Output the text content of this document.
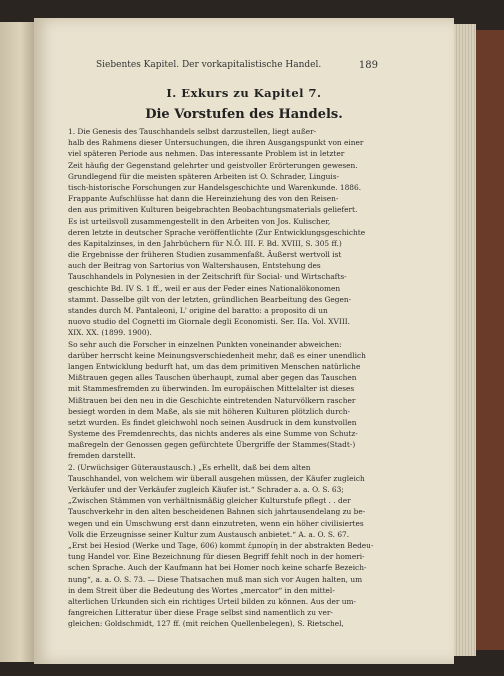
Siebentes Kapitel. Der vorkapitalistische Handel.	189
I. Exkurs zu Kapitel 7.
Die Vorstufen des Handels.
1. Die Genesis des Tauschhandels selbst darzustellen, liegt außer-
halb des Rahmens dieser Untersuchungen, die ihren Ausgangspunkt von einer
viel späteren Periode aus nehmen. Das interessante Problem ist in letzter
Zeit häufig der Gegenstand gelehrter und geistvoller Erörterungen gewesen.
Grundlegend für die meisten späteren Arbeiten ist O. Schrader, Linguis-
tisch-historische Forschungen zur Handelsgeschichte und Warenkunde. 1886.
Frappante Aufschlüsse hat dann die Hereinziehung des von den Reisen-
den aus primitiven Kulturen beigebrachten Beobachtungsmaterials geliefert.
Es ist urteilsvoll zusammengestellt in den Arbeiten von Jos. Kulischer,
deren letzte in deutscher Sprache veröffentlichte (Zur Entwicklungsgeschichte
des Kapitalzinses, in den Jahrbüchern für N.Ö. III. F. Bd. XVIII, S. 305 ff.)
die Ergebnisse der früheren Studien zusammenfaßt. Äußerst wertvoll ist
auch der Beitrag von Sartorius von Waltershausen, Entstehung des
Tauschhandels in Polynesien in der Zeitschrift für Social- und Wirtschafts-
geschichte Bd. IV S. 1 ff., weil er aus der Feder eines Nationalökonomen
stammt. Dasselbe gilt von der letzten, gründlichen Bearbeitung des Gegen-
standes durch M. Pantaleoni, L' origine del baratto: a proposito di un
nuovo studio del Cognetti im Giornale degli Economisti. Ser. IIa. Vol. XVIII.
XIX. XX. (1899. 1900).
So sehr auch die Forscher in einzelnen Punkten voneinander abweichen:
darüber herrscht keine Meinungsverschiedenheit mehr, daß es einer unendlich
langen Entwicklung bedurft hat, um das dem primitiven Menschen natürliche
Mißtrauen gegen alles Tauschen überhaupt, zumal aber gegen das Tauschen
mit Stammesfremden zu überwinden. Im europäischen Mittelalter ist dieses
Mißtrauen bei den neu in die Geschichte eintretenden Naturvölkern rascher
besiegt worden in dem Maße, als sie mit höheren Kulturen plötzlich durch-
setzt wurden. Es findet gleichwohl noch seinen Ausdruck in dem kunstvollen
Systeme des Fremdenrechts, das nichts anderes als eine Summe von Schutz-
maßregeln der Genossen gegen gefürchtete Übergriffe der Stammes(Stadt-)
fremden darstellt.
2. (Urwüchsiger Güteraustausch.) „Es erhellt, daß bei dem alten
Tauschhandel, von welchem wir überall ausgehen müssen, der Käufer zugleich
Verkäufer und der Verkäufer zugleich Käufer ist.“ Schrader a. a. O. S. 63;
„Zwischen Stämmen von verhältnismäßig gleicher Kulturstufe pflegt . . der
Tauschverkehr in den alten bescheidenen Bahnen sich jahrtausendelang zu be-
wegen und ein Umschwung erst dann einzutreten, wenn ein höher civilisiertes
Volk die Erzeugnisse seiner Kultur zum Austausch anbietet.“ A. a. O. S. 67.
„Erst bei Hesiod (Werke und Tage, 606) kommt ἐμπορίη in der abstrakten Bedeu-
tung Handel vor. Eine Bezeichnung für diesen Begriff fehlt noch in der homeri-
schen Sprache. Auch der Kaufmann hat bei Homer noch keine scharfe Bezeich-
nung“, a. a. O. S. 73. — Diese Thatsachen muß man sich vor Augen halten, um
in dem Streit über die Bedeutung des Wortes „mercator“ in den mittel-
alterlichen Urkunden sich ein richtiges Urteil bilden zu können. Aus der um-
fangreichen Litteratur über diese Frage selbst sind namentlich zu ver-
gleichen: Goldschmidt, 127 ff. (mit reichen Quellenbelegen), S. Rietschel,
